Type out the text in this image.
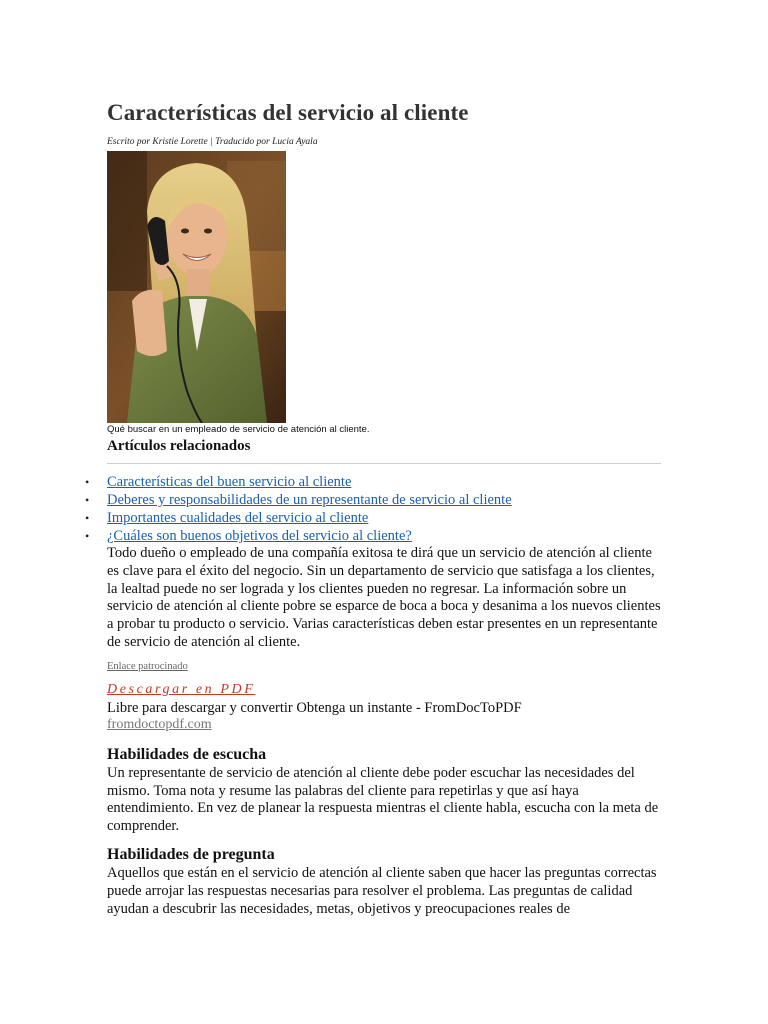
Características del servicio al cliente
Escrito por Kristie Lorette | Traducido por Lucia Ayala
Qué buscar en un empleado de servicio de atención al cliente.
Artículos relacionados
• Características del buen servicio al cliente
• Deberes y responsabilidades de un representante de servicio al cliente
• Importantes cualidades del servicio al cliente
• ¿Cuáles son buenos objetivos del servicio al cliente?

Todo dueño o empleado de una compañía exitosa te dirá que un servicio de atención al cliente es clave para el éxito del negocio. Sin un departamento de servicio que satisfaga a los clientes, la lealtad puede no ser lograda y los clientes pueden no regresar. La información sobre un servicio de atención al cliente pobre se esparce de boca a boca y desanima a los nuevos clientes a probar tu producto o servicio. Varias características deben estar presentes en un representante de servicio de atención al cliente.

Enlace patrocinado
Descargar en PDF
Libre para descargar y convertir Obtenga un instante - FromDocToPDF
fromdoctopdf.com
Habilidades de escucha

Un representante de servicio de atención al cliente debe poder escuchar las necesidades del mismo. Toma nota y resume las palabras del cliente para repetirlas y que así haya entendimiento. En vez de planear la respuesta mientras el cliente habla, escucha con la meta de comprender.

Habilidades de pregunta

Aquellos que están en el servicio de atención al cliente saben que hacer las preguntas correctas puede arrojar las respuestas necesarias para resolver el problema. Las preguntas de calidad ayudan a descubrir las necesidades, metas, objetivos y preocupaciones reales de
